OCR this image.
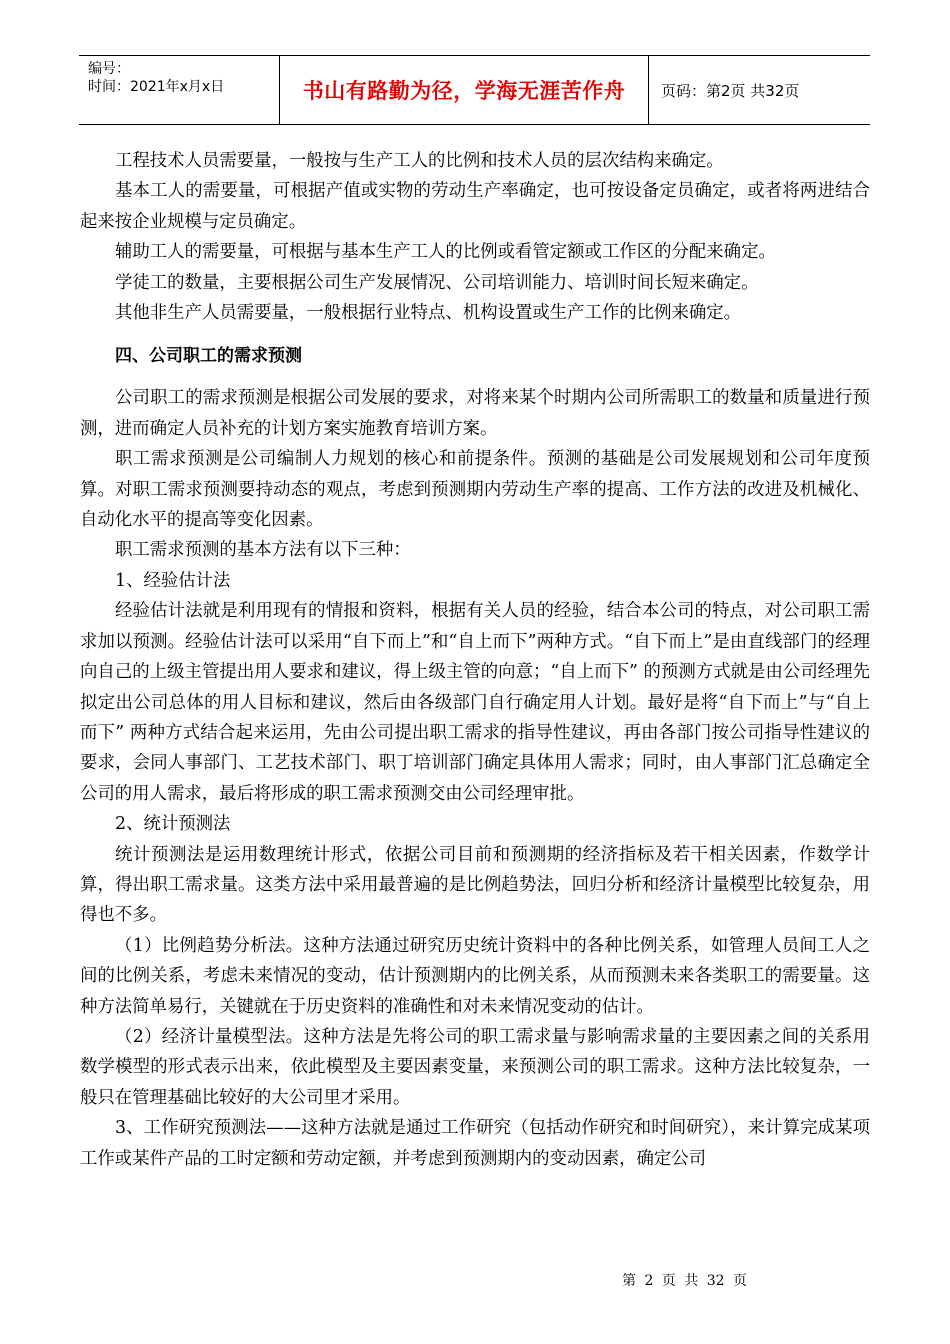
编号：
时间：2021年x月x日	书山有路勤为径，学海无涯苦作舟 页码：第2页 共32页

工程技术人员需要量，一般按与生产工人的比例和技术人员的层次结构来确定。

基本工人的需要量，可根据产值或实物的劳动生产率确定，也可按设备定员确定，或者将两进结合起来按企业规模与定员确定。

辅助工人的需要量，可根据与基本生产工人的比例或看管定额或工作区的分配来确定。

学徒工的数量，主要根据公司生产发展情况、公司培训能力、培训时间长短来确定。

其他非生产人员需要量，一般根据行业特点、机构设置或生产工作的比例来确定。

四、公司职工的需求预测

公司职工的需求预测是根据公司发展的要求，对将来某个时期内公司所需职工的数量和质量进行预测，进而确定人员补充的计划方案实施教育培训方案。

职工需求预测是公司编制人力规划的核心和前提条件。预测的基础是公司发展规划和公司年度预算。对职工需求预测要持动态的观点，考虑到预测期内劳动生产率的提高、工作方法的改进及机械化、自动化水平的提高等变化因素。

职工需求预测的基本方法有以下三种：

1、经验估计法

经验估计法就是利用现有的情报和资料，根据有关人员的经验，结合本公司的特点，对公司职工需求加以预测。经验估计法可以采用“自下而上”和“自上而下”两种方式。“自下而上”是由直线部门的经理向自己的上级主管提出用人要求和建议，得上级主管的向意；“自上而下” 的预测方式就是由公司经理先拟定出公司总体的用人目标和建议，然后由各级部门自行确定用人计划。最好是将“自下而上”与“自上而下” 两种方式结合起来运用，先由公司提出职工需求的指导性建议，再由各部门按公司指导性建议的要求，会同人事部门、工艺技术部门、职丁培训部门确定具体用人需求；同时，由人事部门汇总确定全公司的用人需求，最后将形成的职工需求预测交由公司经理审批。

2、统计预测法

统计预测法是运用数理统计形式，依据公司目前和预测期的经济指标及若干相关因素，作数学计算，得出职工需求量。这类方法中采用最普遍的是比例趋势法，回归分析和经济计量模型比较复杂，用得也不多。

（1）比例趋势分析法。这种方法通过研究历史统计资料中的各种比例关系，如管理人员间工人之间的比例关系，考虑未来情况的变动，估计预测期内的比例关系，从而预测未来各类职工的需要量。这种方法简单易行，关键就在于历史资料的准确性和对未来情况变动的估计。

（2）经济计量模型法。这种方法是先将公司的职工需求量与影响需求量的主要因素之间的关系用数学模型的形式表示出来，依此模型及主要因素变量，来预测公司的职工需求。这种方法比较复杂，一般只在管理基础比较好的大公司里才采用。

3、工作研究预测法——这种方法就是通过工作研究（包括动作研究和时间研究），来计算完成某项工作或某件产品的工时定额和劳动定额，并考虑到预测期内的变动因素，确定公司

第 2 页 共 32 页
